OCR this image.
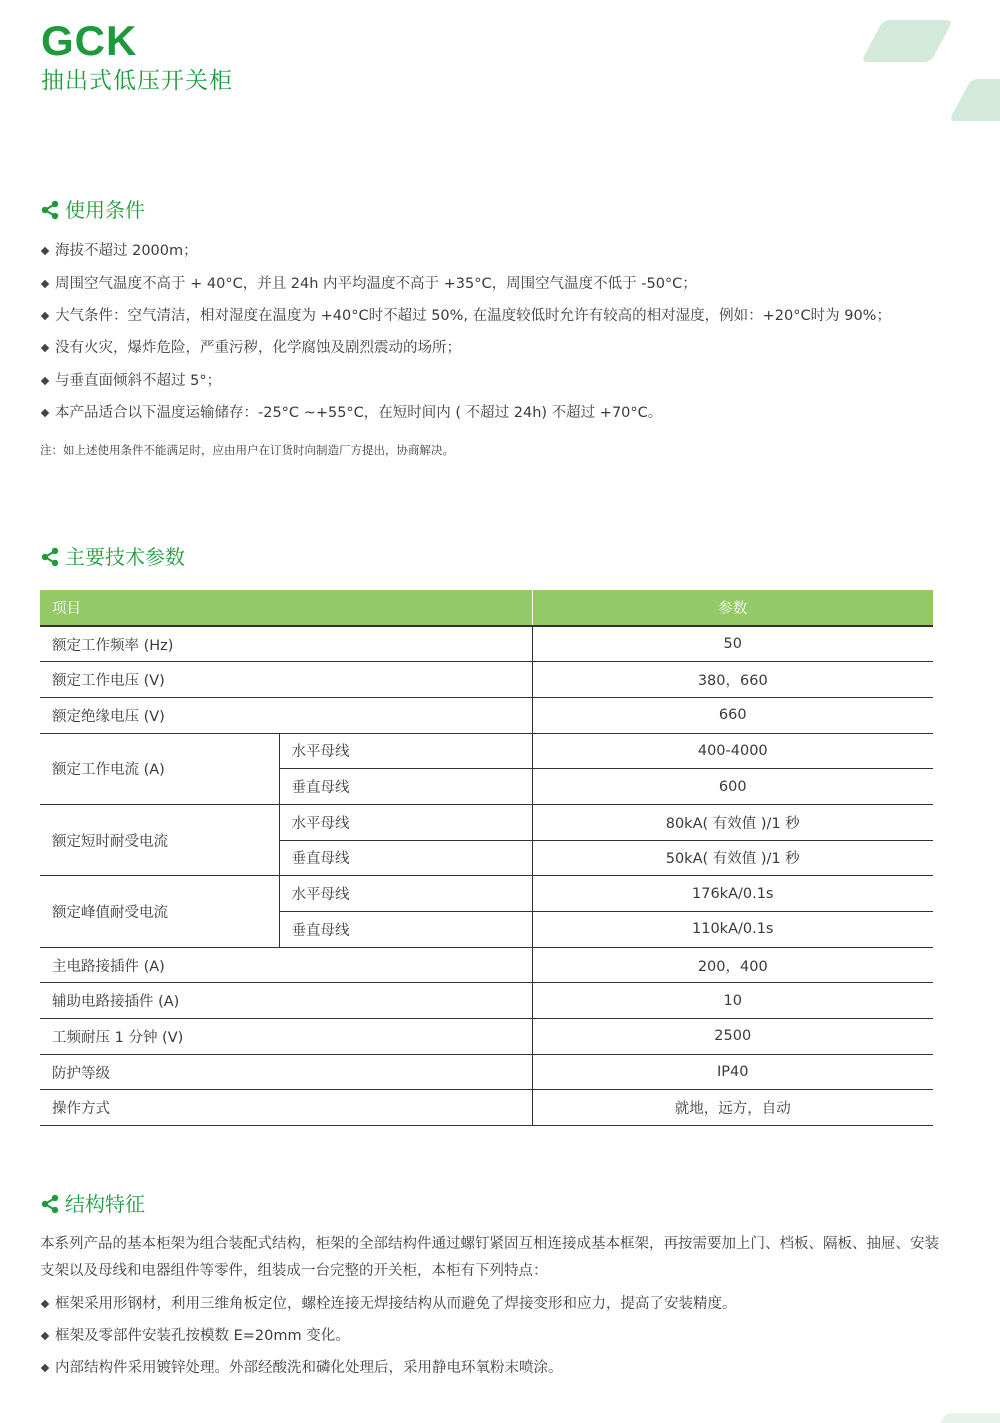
GCK
抽出式低压开关柜
使用条件
海拔不超过 2000m；
周围空气温度不高于 + 40°C，并且 24h 内平均温度不高于 +35°C，周围空气温度不低于 -50°C；
大气条件：空气清洁，相对湿度在温度为 +40°C时不超过 50%, 在温度较低时允许有较高的相对湿度，例如：+20°C时为 90%；
没有火灾，爆炸危险，严重污秽，化学腐蚀及剧烈震动的场所；
与垂直面倾斜不超过 5°；
本产品适合以下温度运输储存：-25°C ~+55°C，在短时间内 ( 不超过 24h) 不超过 +70°C。
注：如上述使用条件不能满足时，应由用户在订货时向制造厂方提出，协商解决。
主要技术参数
项目		参数
额定工作频率 (Hz)		50
额定工作电压 (V)		380，660
额定绝缘电压 (V)		660
额定工作电流 (A)	水平母线	400-4000
	垂直母线	600
额定短时耐受电流	水平母线	80kA( 有效值 )/1 秒
	垂直母线	50kA( 有效值 )/1 秒
额定峰值耐受电流	水平母线	176kA/0.1s
	垂直母线	110kA/0.1s
主电路接插件 (A)		200，400
辅助电路接插件 (A)		10
工频耐压 1 分钟 (V)		2500
防护等级		IP40
操作方式		就地，远方，自动
结构特征
本系列产品的基本柜架为组合装配式结构，柜架的全部结构件通过螺钉紧固互相连接成基本框架，再按需要加上门、档板、隔板、抽屉、安装支架以及母线和电器组件等零件，组装成一台完整的开关柜，本柜有下列特点：
框架采用形钢材，利用三维角板定位，螺栓连接无焊接结构从而避免了焊接变形和应力，提高了安装精度。
框架及零部件安装孔按模数 E=20mm 变化。
内部结构件采用镀锌处理。外部经酸洗和磷化处理后，采用静电环氧粉末喷涂。
